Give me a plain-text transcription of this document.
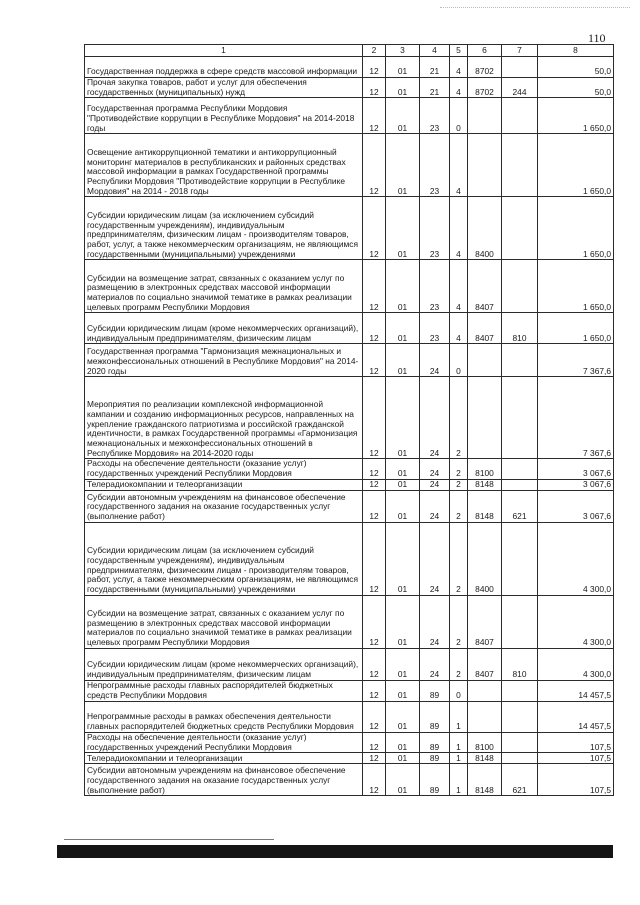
110
1	2	3	4	5	6	7	8
Государственная поддержка в сфере средств массовой информации	12	01	21	4	8702		50,0
Прочая закупка товаров, работ и услуг для обеспечения государственных (муниципальных) нужд	12	01	21	4	8702	244	50,0
Государственная программа Республики Мордовия "Противодействие коррупции в Республике Мордовия" на 2014-2018 годы	12	01	23	0			1 650,0
Освещение антикоррупционной тематики и антикоррупционный мониторинг материалов в республиканских и районных средствах массовой информации в рамках Государственной программы Республики Мордовия "Противодействие коррупции в Республике Мордовия" на 2014 - 2018 годы	12	01	23	4			1 650,0
Субсидии юридическим лицам (за исключением субсидий государственным учреждениям), индивидуальным предпринимателям, физическим лицам - производителям товаров, работ, услуг, а также некоммерческим организациям, не являющимся государственными (муниципальными) учреждениями	12	01	23	4	8400		1 650,0
Субсидии на возмещение затрат, связанных с оказанием услуг по размещению в электронных средствах массовой информации материалов по социально значимой тематике в рамках реализации целевых программ Республики Мордовия	12	01	23	4	8407		1 650,0
Субсидии юридическим лицам (кроме некоммерческих организаций), индивидуальным предпринимателям, физическим лицам	12	01	23	4	8407	810	1 650,0
Государственная программа "Гармонизация межнациональных и межконфессиональных отношений в Республике Мордовия" на 2014-2020 годы	12	01	24	0			7 367,6
Мероприятия по реализации комплексной информационной кампании и созданию информационных ресурсов, направленных на укрепление гражданского патриотизма и российской гражданской идентичности, в рамках Государственной программы «Гармонизация межнациональных и межконфессиональных отношений в Республике Мордовия» на 2014-2020 годы	12	01	24	2			7 367,6
Расходы на обеспечение деятельности (оказание услуг) государственных учреждений Республики Мордовия	12	01	24	2	8100		3 067,6
Телерадиокомпании и телеорганизации	12	01	24	2	8148		3 067,6
Субсидии автономным учреждениям на финансовое обеспечение государственного задания на оказание государственных услуг (выполнение работ)	12	01	24	2	8148	621	3 067,6
Субсидии юридическим лицам (за исключением субсидий государственным учреждениям), индивидуальным предпринимателям, физическим лицам - производителям товаров, работ, услуг, а также некоммерческим организациям, не являющимся государственными (муниципальными) учреждениями	12	01	24	2	8400		4 300,0
Субсидии на возмещение затрат, связанных с оказанием услуг по размещению в электронных средствах массовой информации материалов по социально значимой тематике в рамках реализации целевых программ Республики Мордовия	12	01	24	2	8407		4 300,0
Субсидии юридическим лицам (кроме некоммерческих организаций), индивидуальным предпринимателям, физическим лицам	12	01	24	2	8407	810	4 300,0
Непрограммные расходы главных распорядителей бюджетных средств Республики Мордовия	12	01	89	0			14 457,5
Непрограммные расходы в рамках обеспечения деятельности главных распорядителей бюджетных средств Республики Мордовия	12	01	89	1			14 457,5
Расходы на обеспечение деятельности (оказание услуг) государственных учреждений Республики Мордовия	12	01	89	1	8100		107,5
Телерадиокомпании и телеорганизации	12	01	89	1	8148		107,5
Субсидии автономным учреждениям на финансовое обеспечение государственного задания на оказание государственных услуг (выполнение работ)	12	01	89	1	8148	621	107,5
